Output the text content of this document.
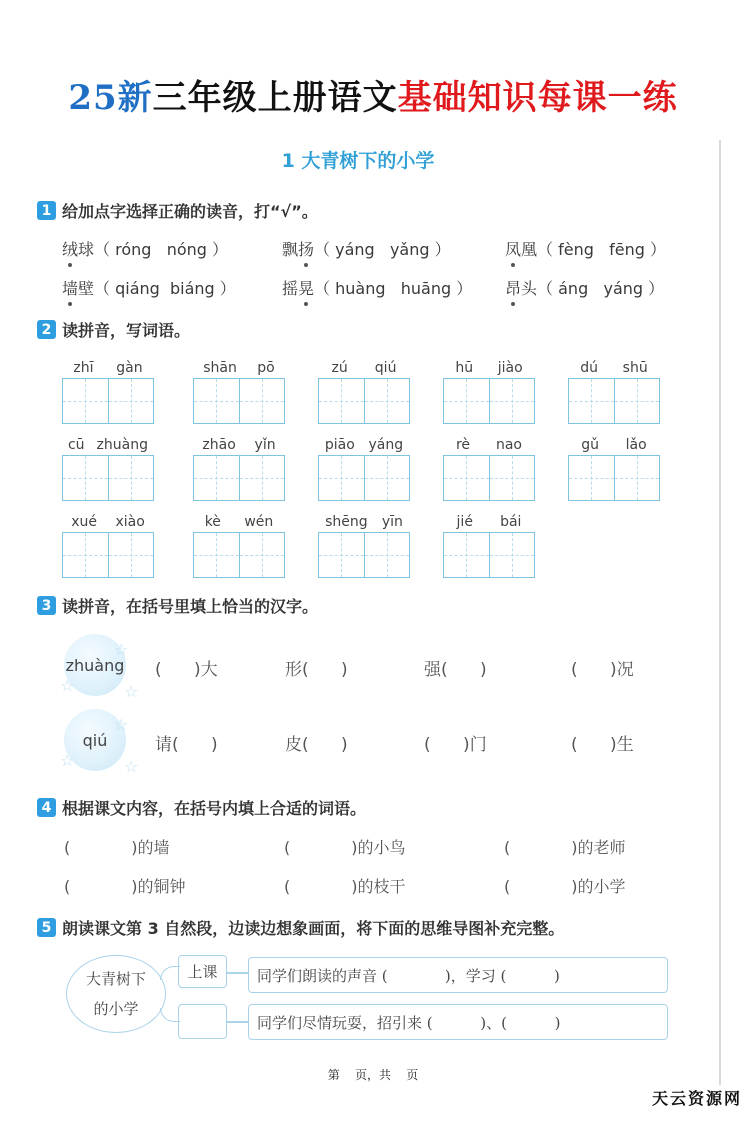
25新三年级上册语文基础知识每课一练
1 大青树下的小学
1 给加点字选择正确的读音，打“√”。
绒球（ róng   nóng ）	飘扬（ yáng   yǎng ）	凤凰（ fèng   fēng ）
墙壁（ qiáng  biáng ）	摇晃（ huàng   huāng ） 昂头（ áng   yáng ）
2 读拼音，写词语。
zhī gàn	shān pō	zú qiú	hū jiào	dú shū
cū zhuàng	zhāo yǐn	piāo yáng	rè nao	gǔ lǎo
xué xiào	kè wén	shēng yīn	jié bái
3 读拼音，在括号里填上恰当的汉字。
zhuàng
☆	☆
☆
(      )大	形(      )	强(      )	(      )况
qiú
☆	☆
☆
请(      )	皮(      )	(      )门	(      )生
4 根据课文内容，在括号内填上合适的词语。
(            )的墙	(            )的小鸟	(            )的老师
(            )的铜钟	(            )的枝干	(            )的小学
5 朗读课文第 3 自然段，边读边想象画面，将下面的思维导图补充完整。
大青树下
的小学
上课	同学们朗读的声音 (            )，学习 (          )
同学们尽情玩耍，招引来 (          )、(          )
第    页，共    页
天云资源网
